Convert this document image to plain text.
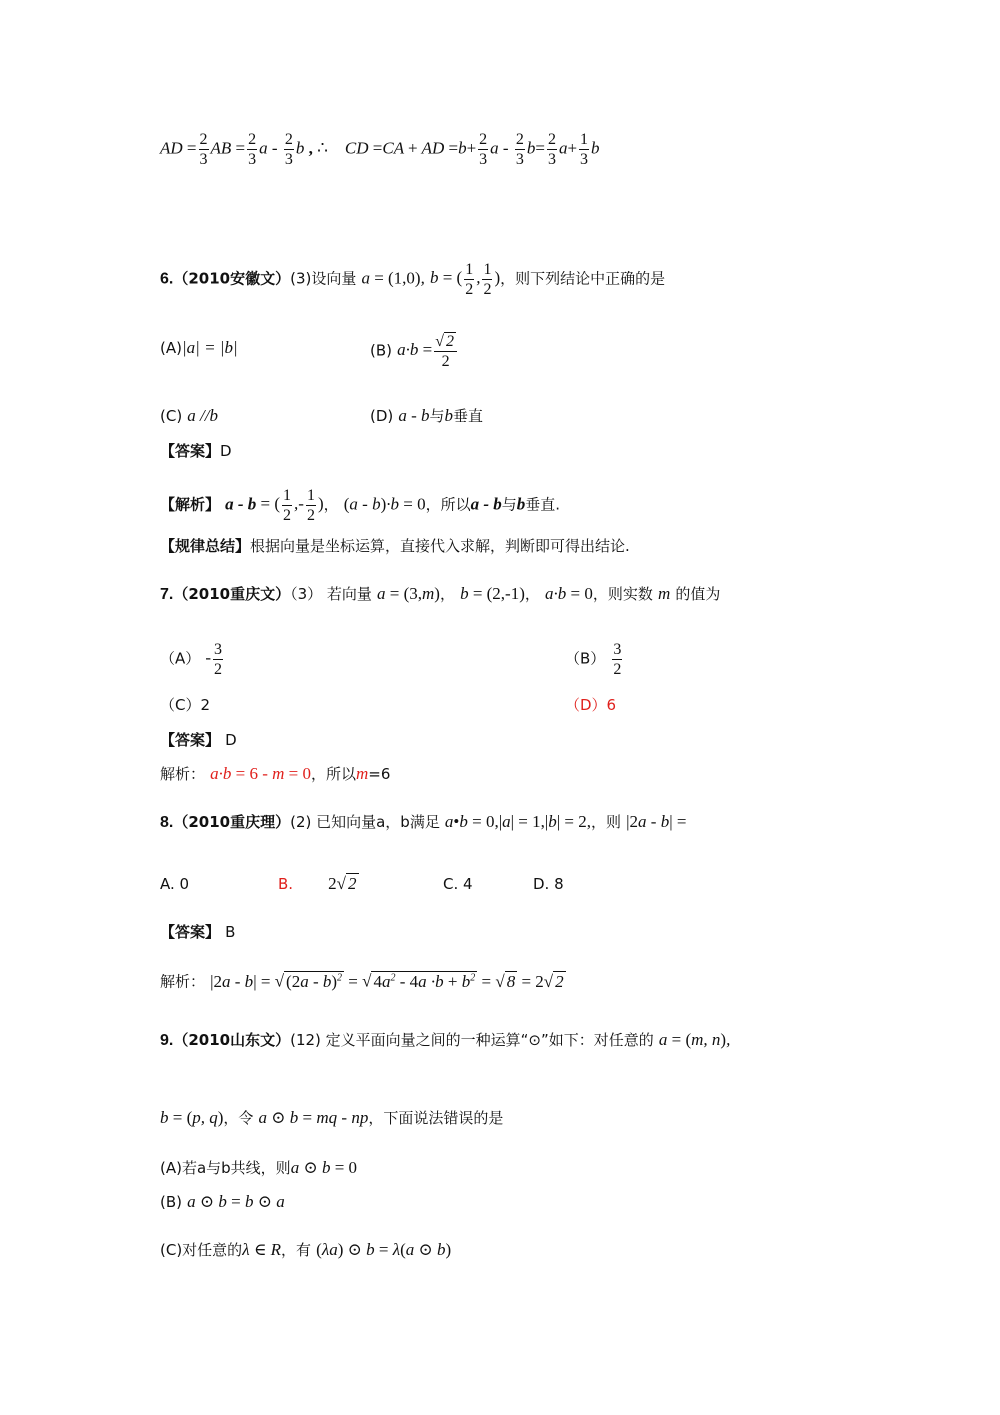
AD = $\frac{2}{3}$ AB = $\frac{2}{3}$ a - $\frac{2}{3}$ b , ∴    CD =CA + AD $=b+ \frac{2}{3}$ $a - \frac{2}{3} b= \frac{2}{3} a+ \frac{1}{3}$ b
6.（2010安徽文）(3)设向量 a = (1,0), b = ( $\frac{1}{2}$ , $\frac{1}{2}$ )，则下列结论中正确的是
(A)|a| = |b|	(B) $a\cdot b = \frac{√ 2}{2}$
(C) a //b	(D) a - b与b垂直
【答案】D
【解析】 a - b = ( $\frac{1}{2}$ ,- $\frac{1}{2}$ )， (a - b)·b = 0，所以a - b与b垂直.
【规律总结】根据向量是坐标运算，直接代入求解，判断即可得出结论.
7.（2010重庆文）（3） 若向量 a = (3,m)， b = (2,-1)， a·b = 0，则实数 m 的值为
$(A) - \frac{3}{2}$	$(B) \frac{3}{2}$
（C）2	（D）6
【答案】 D
解析： a·b = 6 - m = 0，所以m=6
8.（2010重庆理）(2) 已知向量a，b满足 a•b = 0,|a| = 1,|b| = 2,，则 |2a - b| =
A. 0	B. 2√ 2	C. 4	D. 8
【答案】 B
解析： |2a - b| = √ (2a - b)$^2$ = √ $4a^2 - 4a \cdot b + b^2$ = √ 8 = 2√ 2
9.（2010山东文）(12) 定义平面向量之间的一种运算“⊙”如下：对任意的 a = (m, n),
b = (p, q)，令 a ⊙ b = mq - np，下面说法错误的是
(A)若a与b共线，则a ⊙ b = 0
(B) a ⊙ b = b ⊙ a
(C)对任意的λ ∈ R，有 (λa) ⊙ b = λ(a ⊙ b)
